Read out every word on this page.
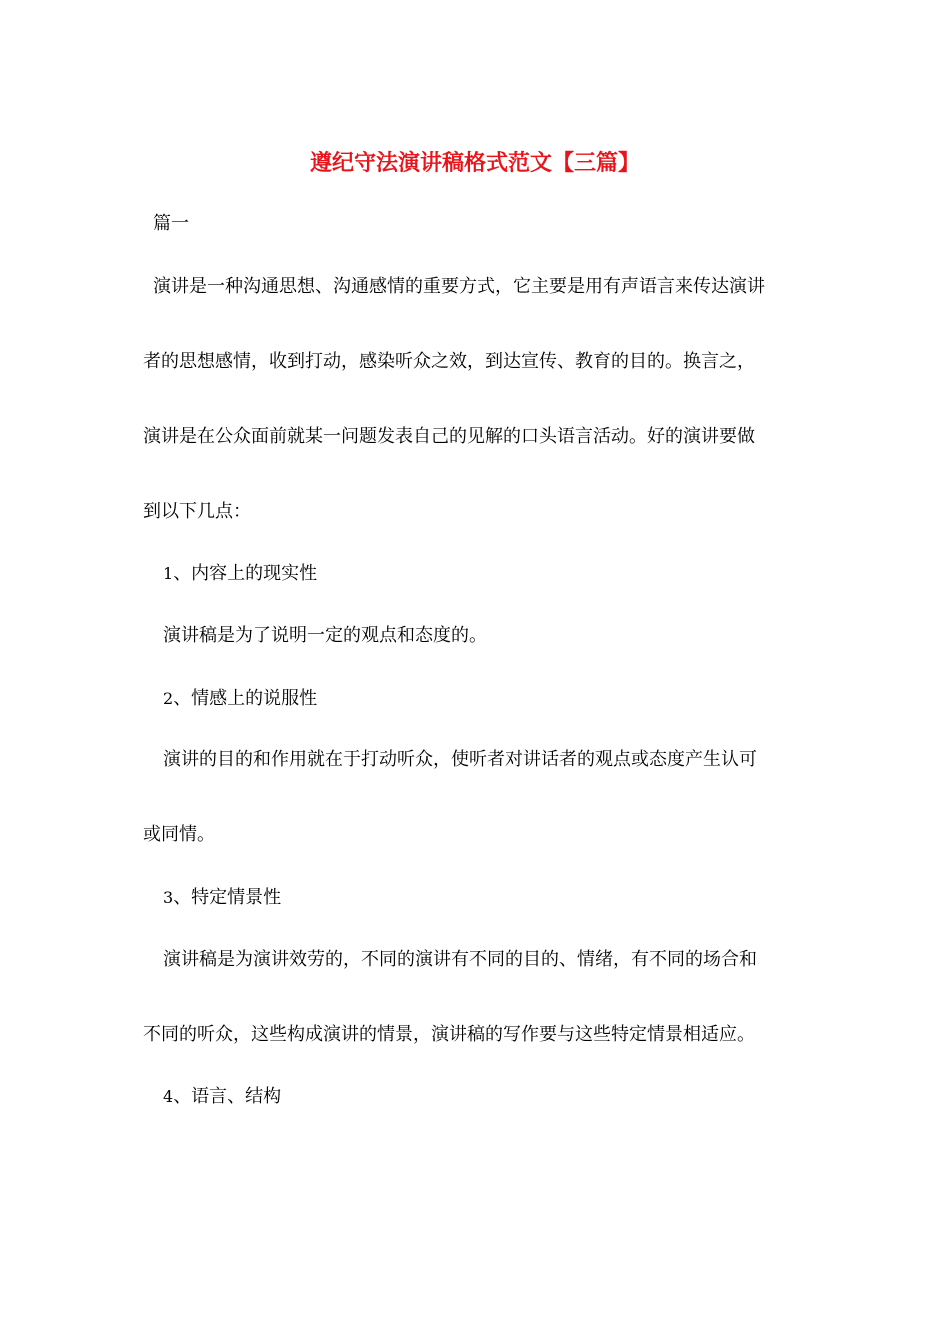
遵纪守法演讲稿格式范文【三篇】
篇一
演讲是一种沟通思想、沟通感情的重要方式，它主要是用有声语言来传达演讲
者的思想感情，收到打动，感染听众之效，到达宣传、教育的目的。换言之，
演讲是在公众面前就某一问题发表自己的见解的口头语言活动。好的演讲要做
到以下几点：
1、内容上的现实性
演讲稿是为了说明一定的观点和态度的。
2、情感上的说服性
演讲的目的和作用就在于打动听众，使听者对讲话者的观点或态度产生认可
或同情。
3、特定情景性
演讲稿是为演讲效劳的，不同的演讲有不同的目的、情绪，有不同的场合和
不同的听众，这些构成演讲的情景，演讲稿的写作要与这些特定情景相适应。
4、语言、结构
